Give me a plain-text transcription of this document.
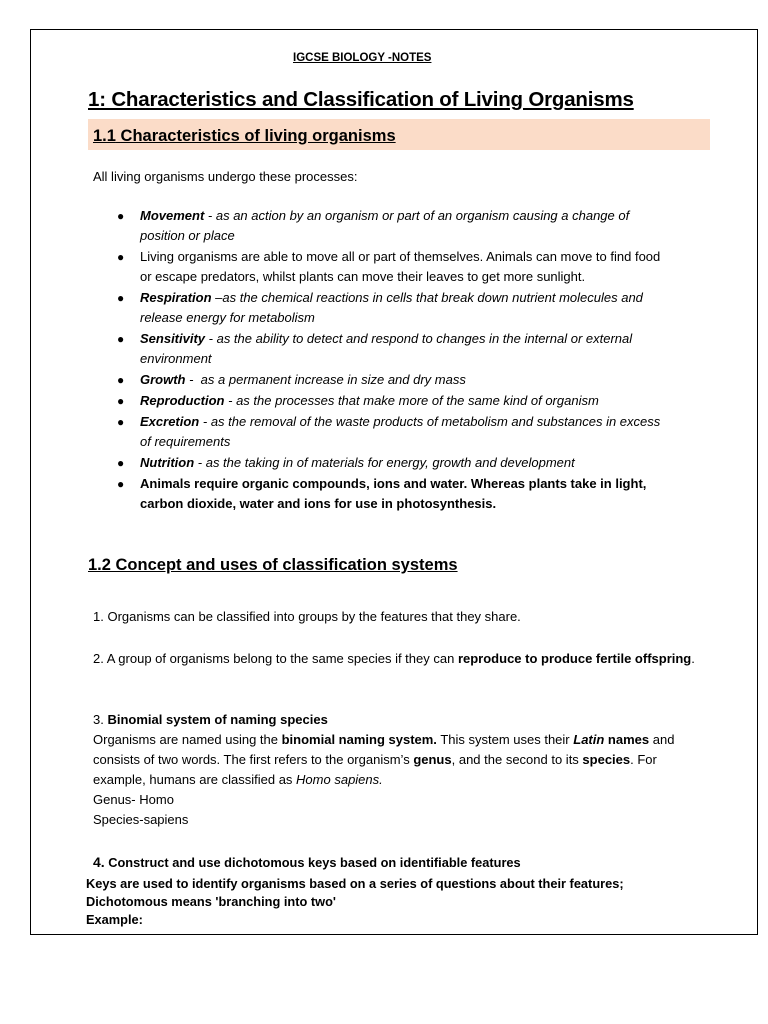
IGCSE BIOLOGY -NOTES
1: Characteristics and Classification of Living Organisms
1.1 Characteristics of living organisms
All living organisms undergo these processes:
● Movement - as an action by an organism or part of an organism causing a change of position or place
● Living organisms are able to move all or part of themselves. Animals can move to find food or escape predators, whilst plants can move their leaves to get more sunlight.
● Respiration –as the chemical reactions in cells that break down nutrient molecules and release energy for metabolism
● Sensitivity - as the ability to detect and respond to changes in the internal or external environment
● Growth -  as a permanent increase in size and dry mass
● Reproduction - as the processes that make more of the same kind of organism
● Excretion - as the removal of the waste products of metabolism and substances in excess of requirements
● Nutrition - as the taking in of materials for energy, growth and development
● Animals require organic compounds, ions and water. Whereas plants take in light, carbon dioxide, water and ions for use in photosynthesis.
1.2 Concept and uses of classification systems
1. Organisms can be classified into groups by the features that they share.
2. A group of organisms belong to the same species if they can reproduce to produce fertile offspring.
3. Binomial system of naming species
Organisms are named using the binomial naming system. This system uses their Latin names and consists of two words. The first refers to the organism’s genus, and the second to its species. For example, humans are classified as Homo sapiens.
Genus- Homo
Species-sapiens
4. Construct and use dichotomous keys based on identifiable features
Keys are used to identify organisms based on a series of questions about their features;
Dichotomous means 'branching into two'
Example:
